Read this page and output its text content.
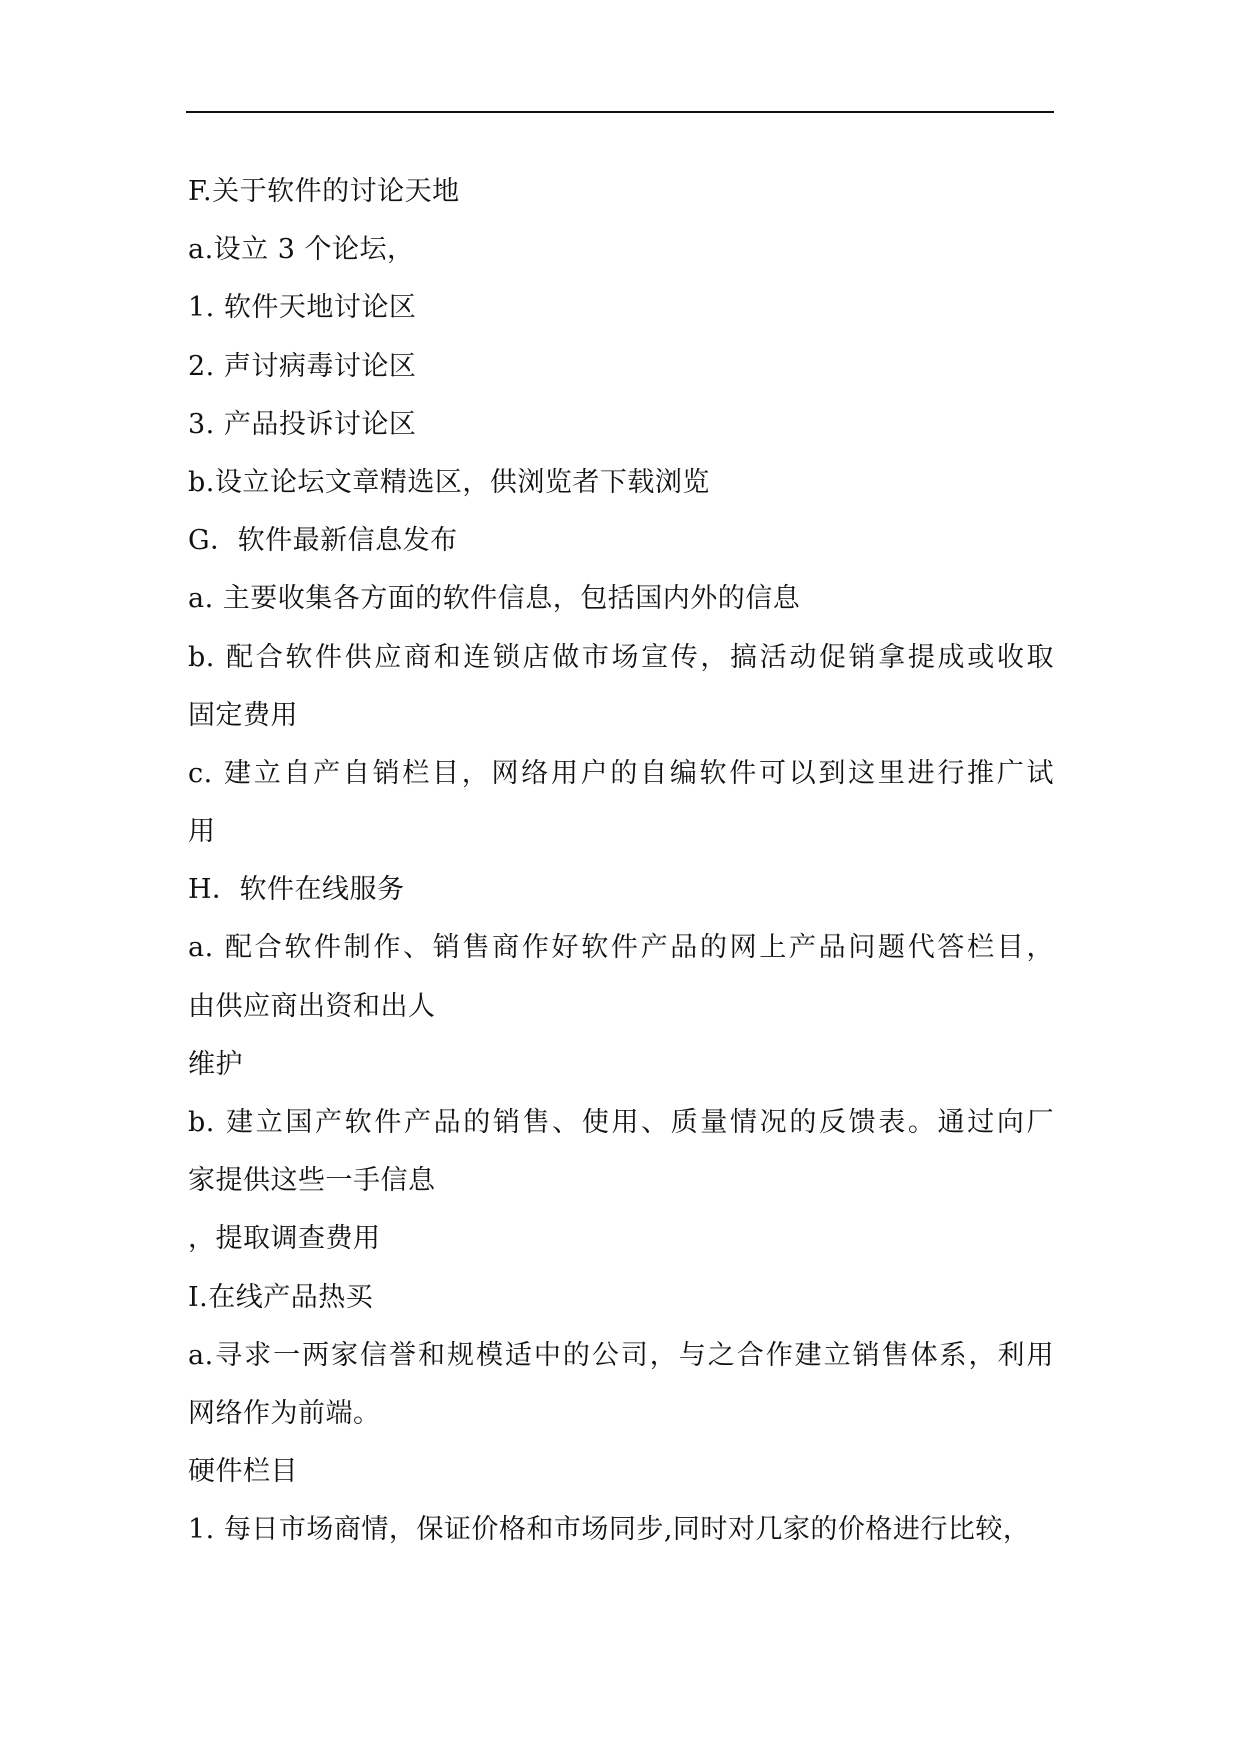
F.关于软件的讨论天地
a.设立 3 个论坛，
1. 软件天地讨论区
2. 声讨病毒讨论区
3. 产品投诉讨论区
b.设立论坛文章精选区，供浏览者下载浏览
G．软件最新信息发布
a. 主要收集各方面的软件信息，包括国内外的信息
b. 配合软件供应商和连锁店做市场宣传，搞活动促销拿提成或收取
固定费用
c. 建立自产自销栏目，网络用户的自编软件可以到这里进行推广试
用
H．软件在线服务
a. 配合软件制作、销售商作好软件产品的网上产品问题代答栏目，
由供应商出资和出人
维护
b. 建立国产软件产品的销售、使用、质量情况的反馈表。通过向厂
家提供这些一手信息
，提取调查费用
I.在线产品热买
a.寻求一两家信誉和规模适中的公司，与之合作建立销售体系，利用
网络作为前端。
硬件栏目
1. 每日市场商情，保证价格和市场同步,同时对几家的价格进行比较，
